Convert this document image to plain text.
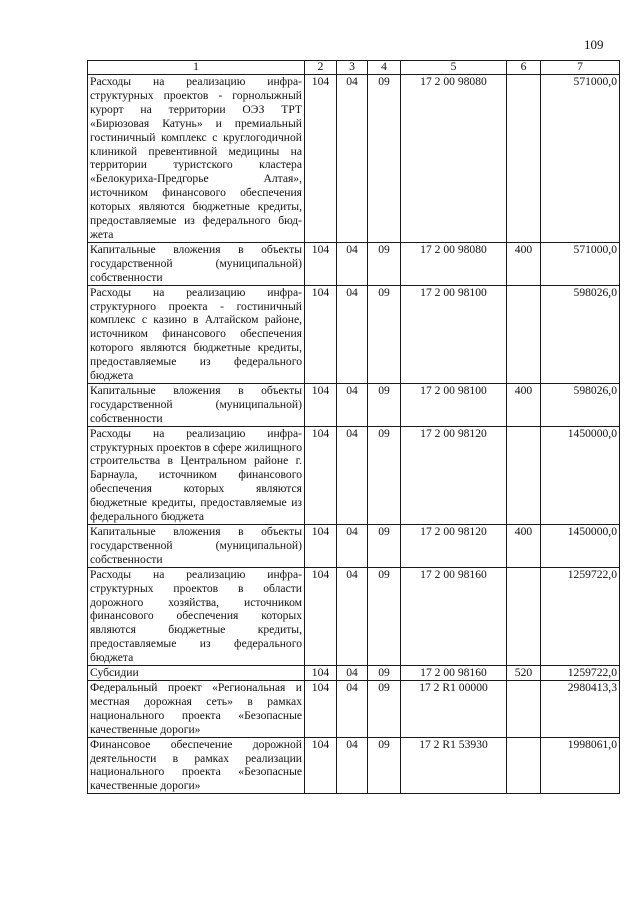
109
1	2	3	4	5	6	7
Расходы на реализацию инфраструктурных проектов - горнолыжный курорт на территории ОЭЗ ТРТ «Бирюзовая Катунь» и премиальный гостиничный комплекс с круглогодичной клиникой превентивной медицины на территории туристского кластера «Белокуриха-Предгорье Алтая», источником финансового обеспечения которых являются бюджетные кредиты, предоставляемые из федерального бюджета	104	04	09	17 2 00 98080		571000,0
Капитальные вложения в объекты государственной (муниципальной) собственности	104	04	09	17 2 00 98080	400	571000,0
Расходы на реализацию инфраструктурного проекта - гостиничный комплекс с казино в Алтайском районе, источником финансового обеспечения которого являются бюджетные кредиты, предоставляемые из федерального бюджета	104	04	09	17 2 00 98100		598026,0
Капитальные вложения в объекты государственной (муниципальной) собственности	104	04	09	17 2 00 98100	400	598026,0
Расходы на реализацию инфраструктурных проектов в сфере жилищного строительства в Центральном районе г. Барнаула, источником финансового обеспечения которых являются бюджетные кредиты, предоставляемые из федерального бюджета	104	04	09	17 2 00 98120		1450000,0
Капитальные вложения в объекты государственной (муниципальной) собственности	104	04	09	17 2 00 98120	400	1450000,0
Расходы на реализацию инфраструктурных проектов в области дорожного хозяйства, источником финансового обеспечения которых являются бюджетные кредиты, предоставляемые из федерального бюджета	104	04	09	17 2 00 98160		1259722,0
Субсидии	104	04	09	17 2 00 98160	520	1259722,0
Федеральный проект «Региональная и местная дорожная сеть» в рамках национального проекта «Безопасные качественные дороги»	104	04	09	17 2 R1 00000		2980413,3
Финансовое обеспечение дорожной деятельности в рамках реализации национального проекта «Безопасные качественные дороги»	104	04	09	17 2 R1 53930		1998061,0
